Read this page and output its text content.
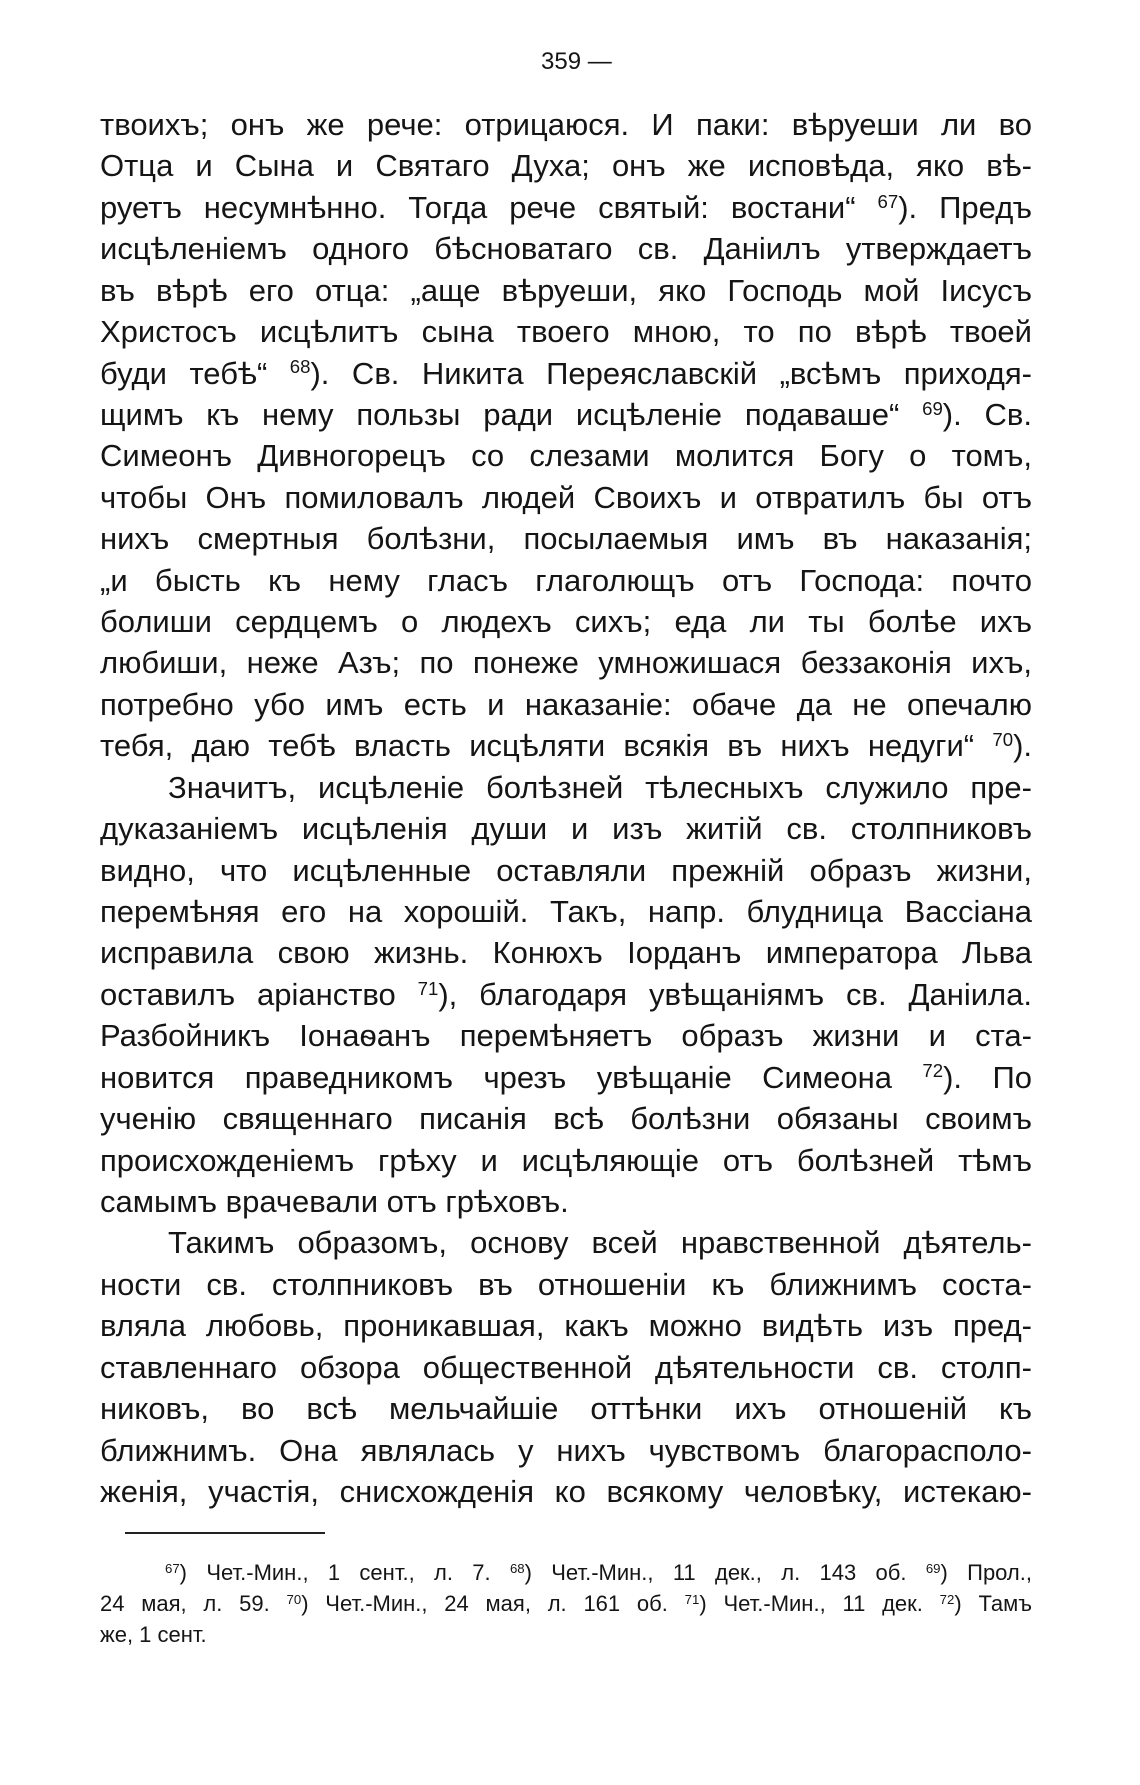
359 —
твоихъ; онъ же рече: отрицаюся. И паки: вѣруеши ли во
Отца и Сына и Святаго Духа; онъ же исповѣда, яко вѣ-
руетъ несумнѣнно. Тогда рече святый: востани“ $^{67}$). Предъ
исцѣленіемъ одного бѣсноватаго св. Даніилъ утверждаетъ
въ вѣрѣ его отца: „аще вѣруеши, яко Господь мой Іисусъ
Христосъ исцѣлитъ сына твоего мною, то по вѣрѣ твоей
буди тебѣ“ $^{68}$). Св. Никита Переяславскій „всѣмъ приходя-
щимъ къ нему пользы ради исцѣленіе подаваше“ $^{69}$). Св.
Симеонъ Дивногорецъ со слезами молится Богу о томъ,
чтобы Онъ помиловалъ людей Своихъ и отвратилъ бы отъ
нихъ смертныя болѣзни, посылаемыя имъ въ наказанія;
„и бысть къ нему гласъ глаголющъ отъ Господа: почто
болиши сердцемъ о людехъ сихъ; еда ли ты болѣе ихъ
любиши, неже Азъ; по понеже умножишася беззаконія ихъ,
потребно убо имъ есть и наказаніе: обаче да не опечалю
тебя, даю тебѣ власть исцѣляти всякія въ нихъ недуги“ $^{70}$).
Значитъ, исцѣленіе болѣзней тѣлесныхъ служило пре-
дуказаніемъ исцѣленія души и изъ житій св. столпниковъ
видно, что исцѣленные оставляли прежній образъ жизни,
перемѣняя его на хорошій. Такъ, напр. блудница Вассіана
исправила свою жизнь. Конюхъ Іорданъ императора Льва
оставилъ аріанство $^{71}$), благодаря увѣщаніямъ св. Даніила.
Разбойникъ Іонаѳанъ перемѣняетъ образъ жизни и ста-
новится праведникомъ чрезъ увѣщаніе Симеона $^{72}$). По
ученію священнаго писанія всѣ болѣзни обязаны своимъ
происхожденіемъ грѣху и исцѣляющіе отъ болѣзней тѣмъ
самымъ врачевали отъ грѣховъ.
Такимъ образомъ, основу всей нравственной дѣятель-
ности св. столпниковъ въ отношеніи къ ближнимъ соста-
вляла любовь, проникавшая, какъ можно видѣть изъ пред-
ставленнаго обзора общественной дѣятельности св. столп-
никовъ, во всѣ мельчайшіе оттѣнки ихъ отношеній къ
ближнимъ. Она являлась у нихъ чувствомъ благорасполо-
женія, участія, снисхожденія ко всякому человѣку, истекаю-
$^{67}$) Чет.-Мин., 1 сент., л. 7. $^{68}$) Чет.-Мин., 11 дек., л. 143 об. $^{69}$) Прол.,
24 мая, л. 59. $^{70}$) Чет.-Мин., 24 мая, л. 161 об. $^{71}$) Чет.-Мин., 11 дек. $^{72}$) Тамъ
же, 1 сент.
